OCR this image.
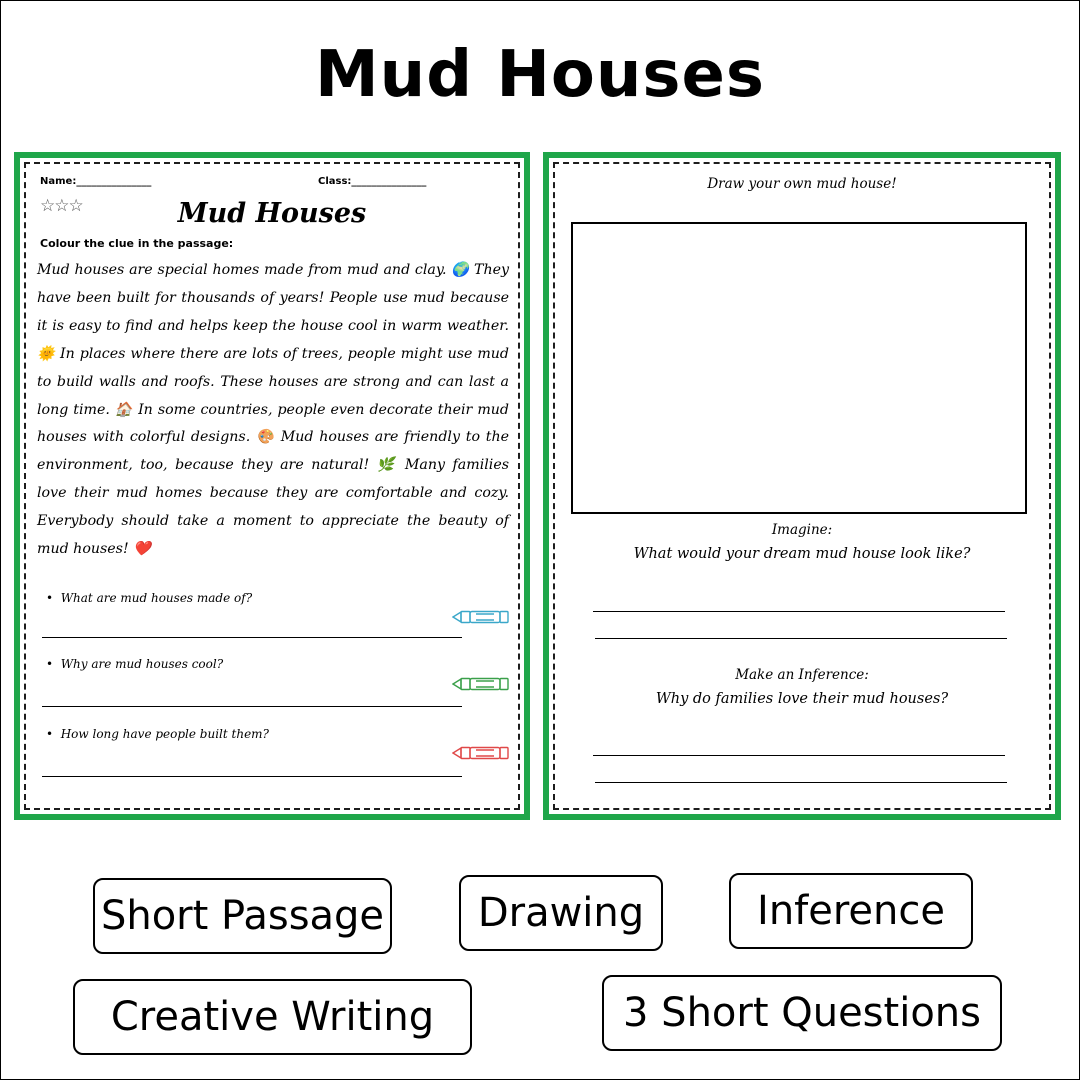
Mud Houses
Name:_______________	Class:_______________
☆☆☆	Mud Houses
Colour the clue in the passage:
Mud houses are special homes made from mud and clay. 🌍 They have been built for thousands of years! People use mud because it is easy to find and helps keep the house cool in warm weather. 🌞 In places where there are lots of trees, people might use mud to build walls and roofs. These houses are strong and can last a long time. 🏠 In some countries, people even decorate their mud houses with colorful designs. 🎨 Mud houses are friendly to the environment, too, because they are natural! 🌿 Many families love their mud homes because they are comfortable and cozy. Everybody should take a moment to appreciate the beauty of mud houses! ❤️
•  What are mud houses made of?
•  Why are mud houses cool?
•  How long have people built them?
Draw your own mud house!
Imagine:
What would your dream mud house look like?
Make an Inference:
Why do families love their mud houses?
Short Passage	Drawing	Inference
Creative Writing	3 Short Questions
